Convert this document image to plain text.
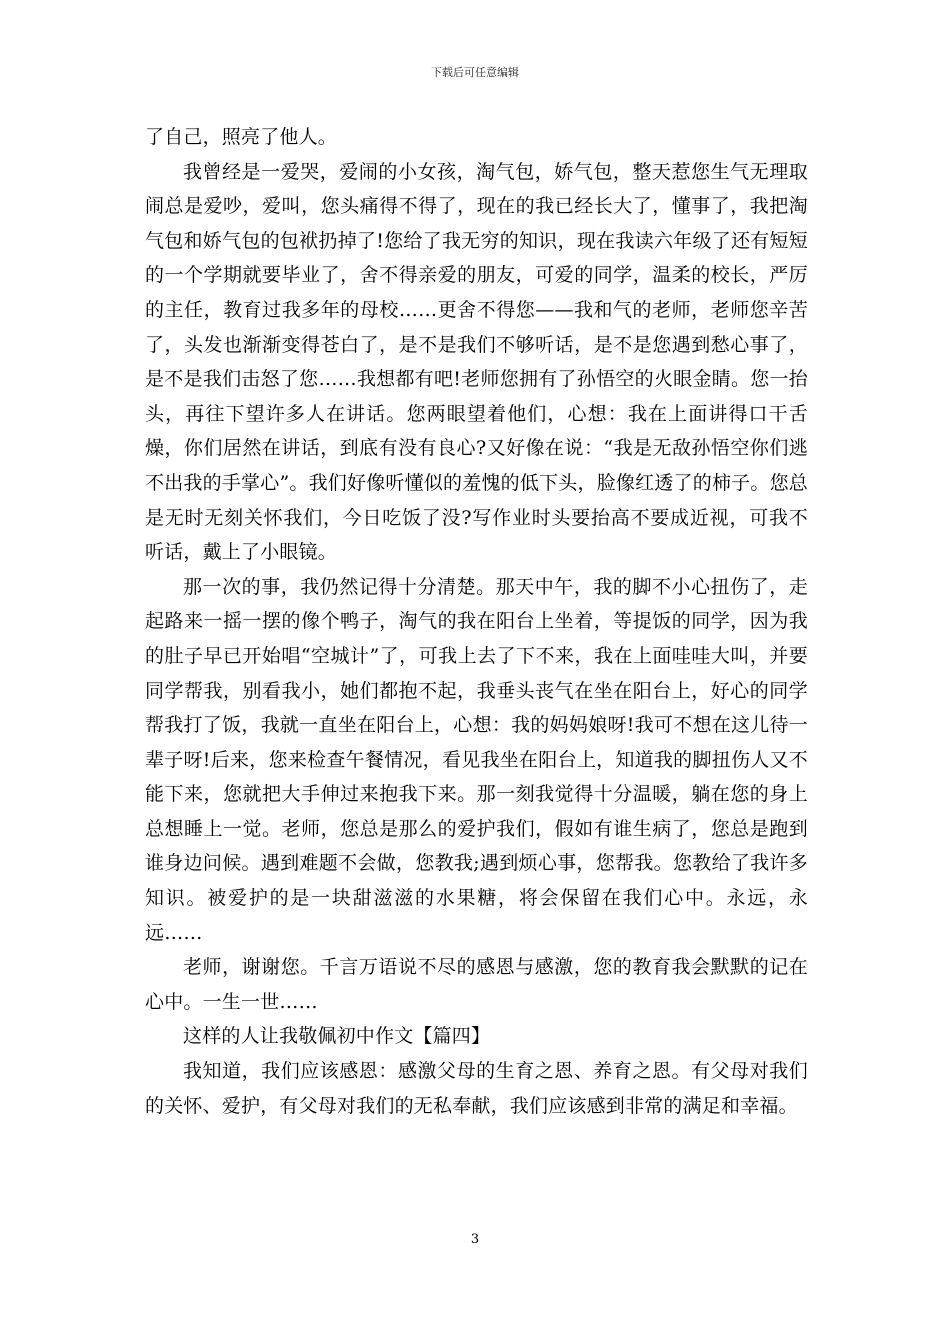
下载后可任意编辑

了自己，照亮了他人。

我曾经是一爱哭，爱闹的小女孩，淘气包，娇气包，整天惹您生气无理取闹总是爱吵，爱叫，您头痛得不得了，现在的我已经长大了，懂事了，我把淘气包和娇气包的包袱扔掉了!您给了我无穷的知识，现在我读六年级了还有短短的一个学期就要毕业了，舍不得亲爱的朋友，可爱的同学，温柔的校长，严厉的主任，教育过我多年的母校……更舍不得您——我和气的老师，老师您辛苦了，头发也渐渐变得苍白了，是不是我们不够听话，是不是您遇到愁心事了，是不是我们击怒了您……我想都有吧!老师您拥有了孙悟空的火眼金睛。您一抬头，再往下望许多人在讲话。您两眼望着他们，心想：我在上面讲得口干舌燥，你们居然在讲话，到底有没有良心?又好像在说：“我是无敌孙悟空你们逃不出我的手掌心”。我们好像听懂似的羞愧的低下头，脸像红透了的柿子。您总是无时无刻关怀我们，今日吃饭了没?写作业时头要抬高不要成近视，可我不听话，戴上了小眼镜。

那一次的事，我仍然记得十分清楚。那天中午，我的脚不小心扭伤了，走起路来一摇一摆的像个鸭子，淘气的我在阳台上坐着，等提饭的同学，因为我的肚子早已开始唱“空城计”了，可我上去了下不来，我在上面哇哇大叫，并要同学帮我，别看我小，她们都抱不起，我垂头丧气在坐在阳台上，好心的同学帮我打了饭，我就一直坐在阳台上，心想：我的妈妈娘呀!我可不想在这儿待一辈子呀!后来，您来检查午餐情况，看见我坐在阳台上，知道我的脚扭伤人又不能下来，您就把大手伸过来抱我下来。那一刻我觉得十分温暖，躺在您的身上总想睡上一觉。老师，您总是那么的爱护我们，假如有谁生病了，您总是跑到谁身边问候。遇到难题不会做，您教我;遇到烦心事，您帮我。您教给了我许多知识。被爱护的是一块甜滋滋的水果糖，将会保留在我们心中。永远，永远……

老师，谢谢您。千言万语说不尽的感恩与感激，您的教育我会默默的记在心中。一生一世……

这样的人让我敬佩初中作文【篇四】

我知道，我们应该感恩：感激父母的生育之恩、养育之恩。有父母对我们的关怀、爱护，有父母对我们的无私奉献，我们应该感到非常的满足和幸福。

3
